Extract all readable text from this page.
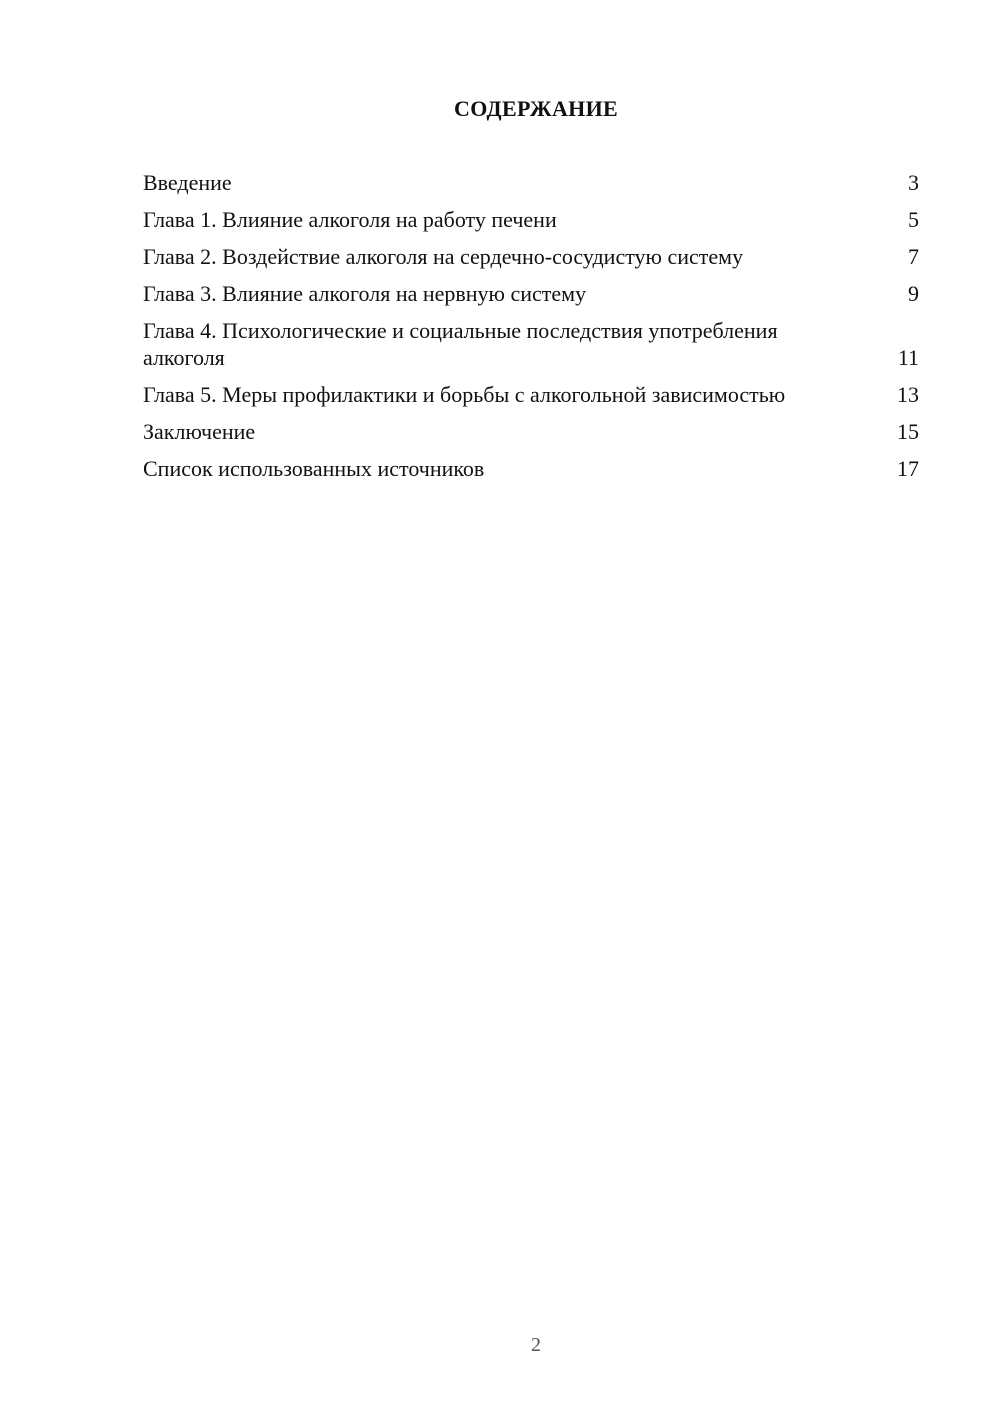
СОДЕРЖАНИЕ
Введение	3
Глава 1. Влияние алкоголя на работу печени	5
Глава 2. Воздействие алкоголя на сердечно-сосудистую систему	7
Глава 3. Влияние алкоголя на нервную систему	9
Глава 4. Психологические и социальные последствия употребления алкоголя	11
Глава 5. Меры профилактики и борьбы с алкогольной зависимостью	13
Заключение	15
Список использованных источников	17
2
